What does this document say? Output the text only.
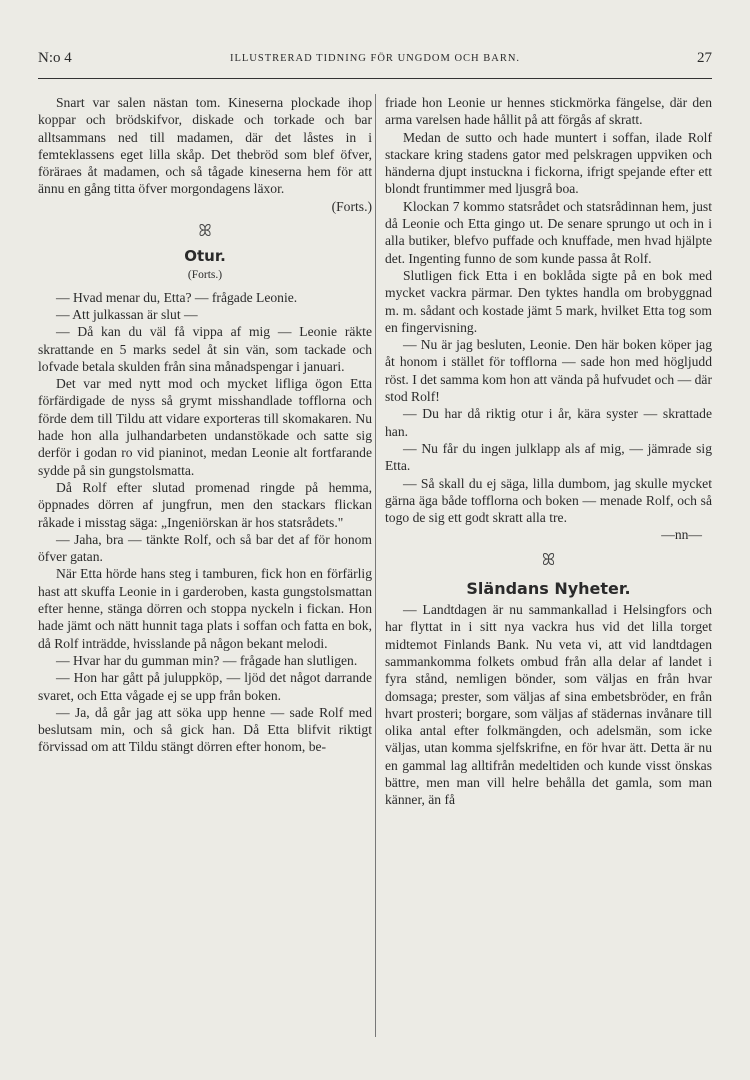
N:o 4	ILLUSTRERAD TIDNING FÖR UNGDOM OCH BARN.	27

Snart var salen nästan tom. Kineserna plockade ihop koppar och brödskifvor, diskade och torkade och bar alltsammans ned till madamen, där det låstes in i femteklassens eget lilla skåp. Det thebröd som blef öfver, föräraes åt madamen, och så tågade kineserna hem för att ännu en gång titta öfver morgondagens läxor.

(Forts.)

ꕤ
Otur.
(Forts.)

— Hvad menar du, Etta? — frågade Leonie.

— Att julkassan är slut —

— Då kan du väl få vippa af mig — Leonie räkte skrattande en 5 marks sedel åt sin vän, som tackade och lofvade betala skulden från sina månadspengar i januari.

Det var med nytt mod och mycket lifliga ögon Etta förfärdigade de nyss så grymt misshandlade tofflorna och förde dem till Tildu att vidare exporteras till skomakaren. Nu hade hon alla julhandarbeten undanstökade och satte sig derför i godan ro vid pianinot, medan Leonie alt fortfarande sydde på sin gungstolsmatta.

Då Rolf efter slutad promenad ringde på hemma, öppnades dörren af jungfrun, men den stackars flickan råkade i misstag säga: „Ingeniörskan är hos statsrådets."

— Jaha, bra — tänkte Rolf, och så bar det af för honom öfver gatan.

När Etta hörde hans steg i tamburen, fick hon en förfärlig hast att skuffa Leonie in i garderoben, kasta gungstolsmattan efter henne, stänga dörren och stoppa nyckeln i fickan. Hon hade jämt och nätt hunnit taga plats i soffan och fatta en bok, då Rolf inträdde, hvisslande på någon bekant melodi.

— Hvar har du gumman min? — frågade han slutligen.

— Hon har gått på juluppköp, — ljöd det något darrande svaret, och Etta vågade ej se upp från boken.

— Ja, då går jag att söka upp henne — sade Rolf med beslutsam min, och så gick han. Då Etta blifvit riktigt förvissad om att Tildu stängt dörren efter honom, be-

friade hon Leonie ur hennes stickmörka fängelse, där den arma varelsen hade hållit på att förgås af skratt.

Medan de sutto och hade muntert i soffan, ilade Rolf stackare kring stadens gator med pelskragen uppviken och händerna djupt instuckna i fickorna, ifrigt spejande efter ett blondt fruntimmer med ljusgrå boa.

Klockan 7 kommo statsrådet och statsrådinnan hem, just då Leonie och Etta gingo ut. De senare sprungo ut och in i alla butiker, blefvo puffade och knuffade, men hvad hjälpte det. Ingenting funno de som kunde passa åt Rolf.

Slutligen fick Etta i en boklåda sigte på en bok med mycket vackra pärmar. Den tyktes handla om brobyggnad m. m. sådant och kostade jämt 5 mark, hvilket Etta tog som en fingervisning.

— Nu är jag besluten, Leonie. Den här boken köper jag åt honom i stället för tofflorna — sade hon med högljudd röst. I det samma kom hon att vända på hufvudet och — där stod Rolf!

— Du har då riktig otur i år, kära syster — skrattade han.

— Nu får du ingen julklapp als af mig, — jämrade sig Etta.

— Så skall du ej säga, lilla dumbom, jag skulle mycket gärna äga både tofflorna och boken — menade Rolf, och så togo de sig ett godt skratt alla tre.

—nn—

ꕤ
Sländans Nyheter.

— Landtdagen är nu sammankallad i Helsingfors och har flyttat in i sitt nya vackra hus vid det lilla torget midtemot Finlands Bank. Nu veta vi, att vid landtdagen sammankomma folkets ombud från alla delar af landet i fyra stånd, nemligen bönder, som väljas en från hvar domsaga; prester, som väljas af sina embetsbröder, en från hvart prosteri; borgare, som väljas af städernas invånare till olika antal efter folkmängden, och adelsmän, som icke väljas, utan komma sjelfskrifne, en för hvar ätt. Detta är nu en gammal lag alltifrån medeltiden och kunde visst önskas bättre, men man vill helre behålla det gamla, som man känner, än få
